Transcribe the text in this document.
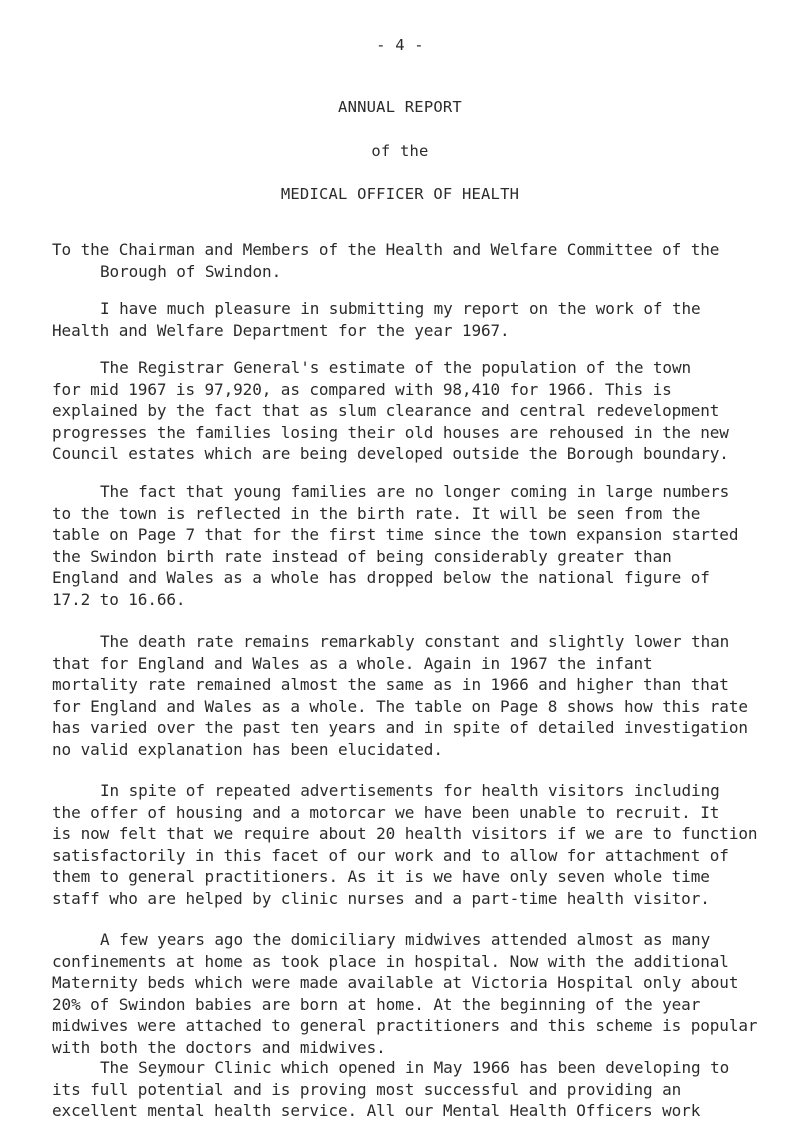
- 4 -
ANNUAL REPORT
of the
MEDICAL OFFICER OF HEALTH
To the Chairman and Members of the Health and Welfare Committee of the
Borough of Swindon.
I have much pleasure in submitting my report on the work of the
Health and Welfare Department for the year 1967.
The Registrar General's estimate of the population of the town
for mid 1967 is 97,920, as compared with 98,410 for 1966. This is
explained by the fact that as slum clearance and central redevelopment
progresses the families losing their old houses are rehoused in the new
Council estates which are being developed outside the Borough boundary.
The fact that young families are no longer coming in large numbers
to the town is reflected in the birth rate. It will be seen from the
table on Page 7 that for the first time since the town expansion started
the Swindon birth rate instead of being considerably greater than
England and Wales as a whole has dropped below the national figure of
17.2 to 16.66.
The death rate remains remarkably constant and slightly lower than
that for England and Wales as a whole. Again in 1967 the infant
mortality rate remained almost the same as in 1966 and higher than that
for England and Wales as a whole. The table on Page 8 shows how this rate
has varied over the past ten years and in spite of detailed investigation
no valid explanation has been elucidated.
In spite of repeated advertisements for health visitors including
the offer of housing and a motorcar we have been unable to recruit. It
is now felt that we require about 20 health visitors if we are to function
satisfactorily in this facet of our work and to allow for attachment of
them to general practitioners. As it is we have only seven whole time
staff who are helped by clinic nurses and a part-time health visitor.
A few years ago the domiciliary midwives attended almost as many
confinements at home as took place in hospital. Now with the additional
Maternity beds which were made available at Victoria Hospital only about
20% of Swindon babies are born at home. At the beginning of the year
midwives were attached to general practitioners and this scheme is popular
with both the doctors and midwives.
The Seymour Clinic which opened in May 1966 has been developing to
its full potential and is proving most successful and providing an
excellent mental health service. All our Mental Health Officers work
